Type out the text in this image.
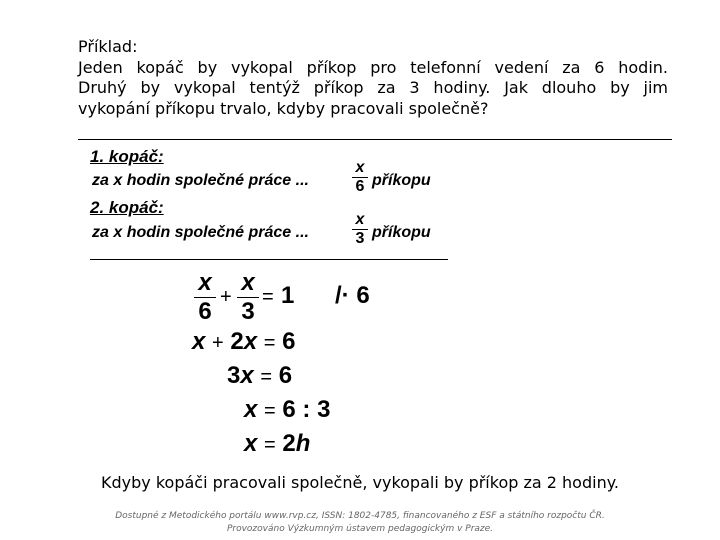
Příklad:
Jeden kopáč by vykopal příkop pro telefonní vedení za 6 hodin.
Druhý by vykopal tentýž příkop za 3 hodiny. Jak dlouho by jim
vykopání příkopu trvalo, kdyby pracovali společně?
1. kopáč:
za x hodin společné práce ...
x
6 příkopu
2. kopáč:
za x hodin společné práce ...
x
3 příkopu
x
6
+
x
3
= 1 /· 6
x + 2x = 6
3x = 6
x = 6 : 3
x = 2h
Kdyby kopáči pracovali společně, vykopali by příkop za 2 hodiny.
Dostupné z Metodického portálu www.rvp.cz, ISSN: 1802-4785, financovaného z ESF a státního rozpočtu ČR.
Provozováno Výzkumným ústavem pedagogickým v Praze.
